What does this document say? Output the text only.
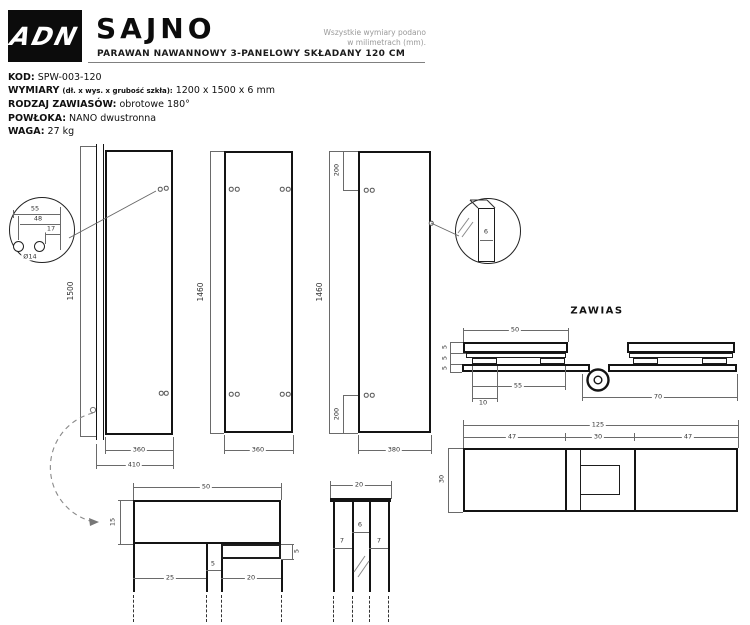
ADN SAJNO
PARAWAN NAWANNOWY 3-PANELOWY SKŁADANY 120 CM
Wszystkie wymiary podano
w milimetrach (mm).
KOD: SPW-003-120
WYMIARY (dł. x wys. x grubość szkła): 1200 x 1500 x 6 mm
RODZAJ ZAWIASÓW: obrotowe 180°
POWŁOKA: NANO dwustronna
WAGA: 27 kg
1500
360
410
55
48
17
Ø14
1460
360
1460
200
200
380
6
ZAWIAS
50
5
5
5
55
10
70
125
47	30	47
30
50
15
5
25
5
20
20
6
7	7
